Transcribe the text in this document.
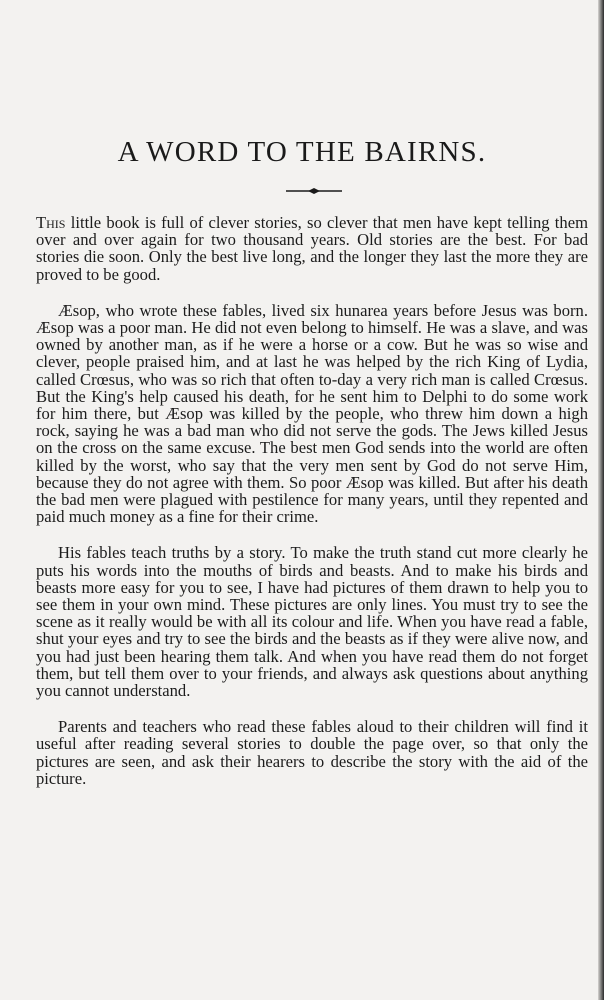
A WORD TO THE BAIRNS.

This little book is full of clever stories, so clever that men have kept telling them over and over again for two thousand years. Old stories are the best. For bad stories die soon. Only the best live long, and the longer they last the more they are proved to be good.

Æsop, who wrote these fables, lived six hunarea years before Jesus was born. Æsop was a poor man. He did not even belong to himself. He was a slave, and was owned by another man, as if he were a horse or a cow. But he was so wise and clever, people praised him, and at last he was helped by the rich King of Lydia, called Crœsus, who was so rich that often to-day a very rich man is called Crœsus. But the King's help caused his death, for he sent him to Delphi to do some work for him there, but Æsop was killed by the people, who threw him down a high rock, saying he was a bad man who did not serve the gods. The Jews killed Jesus on the cross on the same excuse. The best men God sends into the world are often killed by the worst, who say that the very men sent by God do not serve Him, because they do not agree with them. So poor Æsop was killed. But after his death the bad men were plagued with pestilence for many years, until they repented and paid much money as a fine for their crime.

His fables teach truths by a story. To make the truth stand cut more clearly he puts his words into the mouths of birds and beasts. And to make his birds and beasts more easy for you to see, I have had pictures of them drawn to help you to see them in your own mind. These pictures are only lines. You must try to see the scene as it really would be with all its colour and life. When you have read a fable, shut your eyes and try to see the birds and the beasts as if they were alive now, and you had just been hearing them talk. And when you have read them do not forget them, but tell them over to your friends, and always ask questions about anything you cannot understand.

Parents and teachers who read these fables aloud to their children will find it useful after reading several stories to double the page over, so that only the pictures are seen, and ask their hearers to describe the story with the aid of the picture.
